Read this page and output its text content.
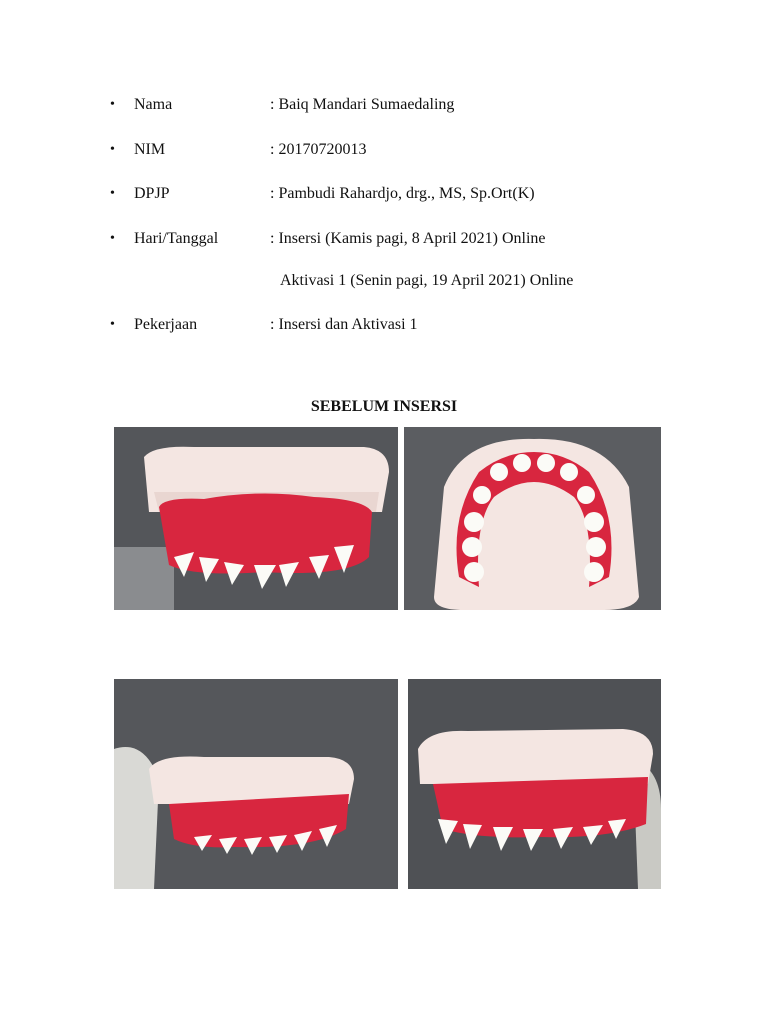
•	Nama	: Baiq Mandari Sumaedaling
•	NIM	: 20170720013
•	DPJP	: Pambudi Rahardjo, drg., MS, Sp.Ort(K)
•	Hari/Tanggal	: Insersi (Kamis pagi, 8 April 2021) Online
Aktivasi 1 (Senin pagi, 19 April 2021) Online
•	Pekerjaan	: Insersi dan Aktivasi 1
SEBELUM INSERSI
